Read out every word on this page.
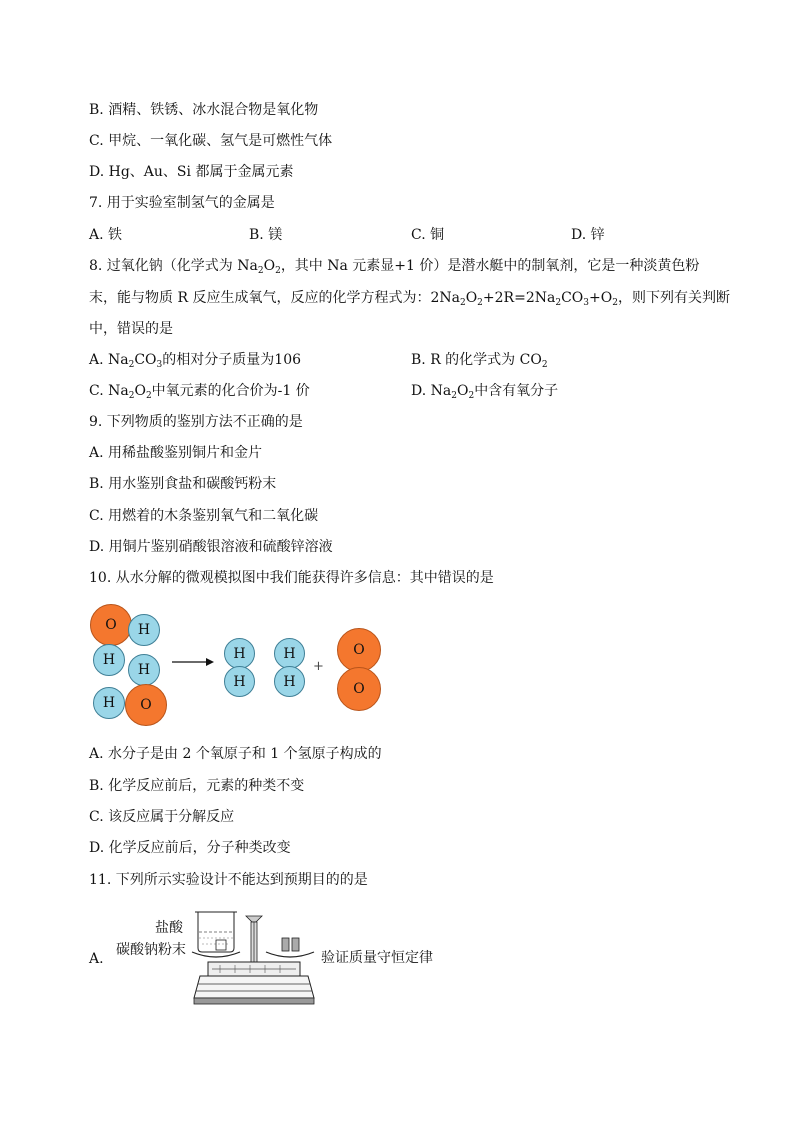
B. 酒精、铁锈、冰水混合物是氧化物
C. 甲烷、一氧化碳、氢气是可燃性气体
D. Hg、Au、Si 都属于金属元素
7. 用于实验室制氢气的金属是
A. 铁	B. 镁	C. 铜	D. 锌
8. 过氧化钠（化学式为 $Na_2O_2$，其中 Na 元素显+1 价）是潜水艇中的制氧剂，它是一种淡黄色粉
末，能与物质 R 反应生成氧气，反应的化学方程式为：$2Na_2O_2+2R=2Na_2CO_3+O_2$，则下列有关判断
中，错误的是
A. $Na_2CO_3$的相对分子质量为106	B. R 的化学式为 $CO_2$
C. $Na_2O_2$中氧元素的化合价为-1 价	D. $Na_2O_2$中含有氧分子
9. 下列物质的鉴别方法不正确的是
A. 用稀盐酸鉴别铜片和金片
B. 用水鉴别食盐和碳酸钙粉末
C. 用燃着的木条鉴别氧气和二氧化碳
D. 用铜片鉴别硝酸银溶液和硫酸锌溶液
10. 从水分解的微观模拟图中我们能获得许多信息：其中错误的是
O	H
H
H
H	O
H
H
H
H
+
O
O
A. 水分子是由 2 个氧原子和 1 个氢原子构成的
B. 化学反应前后，元素的种类不变
C. 该反应属于分解反应
D. 化学反应前后，分子种类改变
11. 下列所示实验设计不能达到预期目的的是
A.
盐酸
碳酸钠粉末	验证质量守恒定律
